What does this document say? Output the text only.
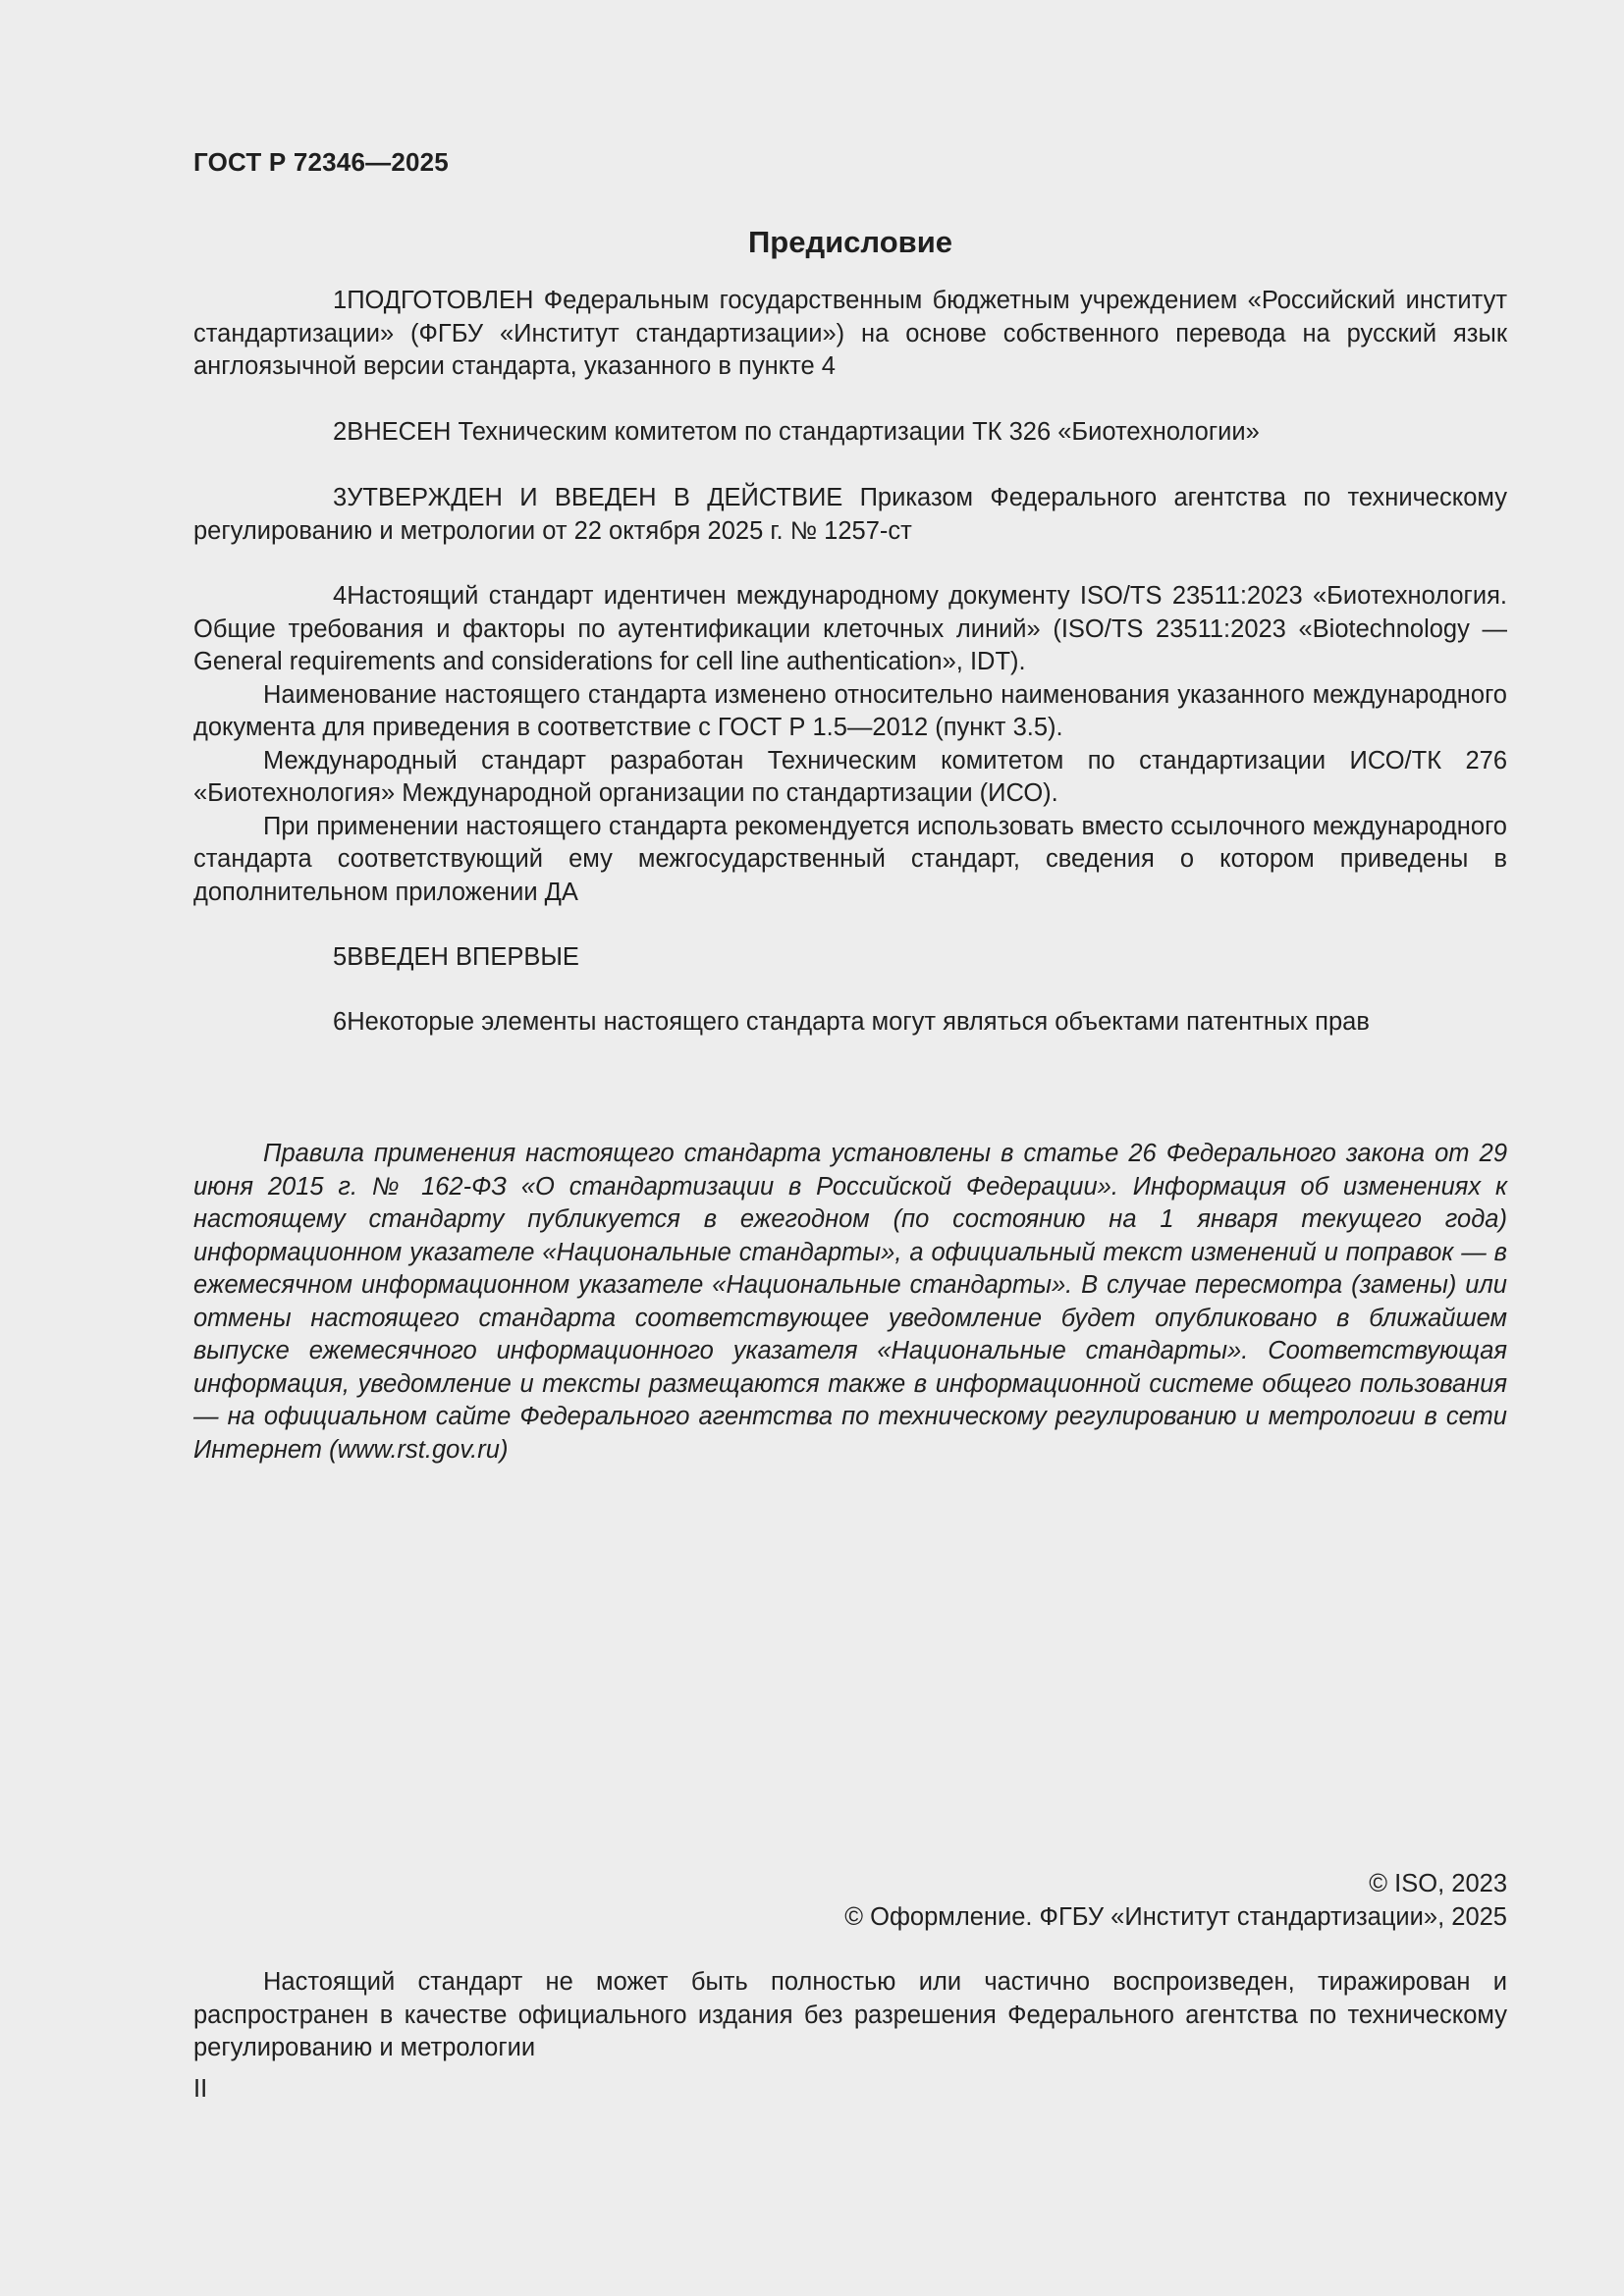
ГОСТ Р 72346—2025
Предисловие

1ПОДГОТОВЛЕН Федеральным государственным бюджетным учреждением «Российский институт стандартизации» (ФГБУ «Институт стандартизации») на основе собственного перевода на русский язык англоязычной версии стандарта, указанного в пункте 4

2ВНЕСЕН Техническим комитетом по стандартизации ТК 326 «Биотехнологии»

3УТВЕРЖДЕН И ВВЕДЕН В ДЕЙСТВИЕ Приказом Федерального агентства по техническому регулированию и метрологии от 22 октября 2025 г. № 1257-ст

4Настоящий стандарт идентичен международному документу ISO/TS 23511:2023 «Биотехнология. Общие требования и факторы по аутентификации клеточных линий» (ISO/TS 23511:2023 «Biotechnology — General requirements and considerations for cell line authentication», IDT).

Наименование настоящего стандарта изменено относительно наименования указанного международного документа для приведения в соответствие с ГОСТ Р 1.5—2012 (пункт 3.5).

Международный стандарт разработан Техническим комитетом по стандартизации ИСО/ТК 276 «Биотехнология» Международной организации по стандартизации (ИСО).

При применении настоящего стандарта рекомендуется использовать вместо ссылочного международного стандарта соответствующий ему межгосударственный стандарт, сведения о котором приведены в дополнительном приложении ДА

5ВВЕДЕН ВПЕРВЫЕ

6Некоторые элементы настоящего стандарта могут являться объектами патентных прав

Правила применения настоящего стандарта установлены в статье 26 Федерального закона от 29 июня 2015 г. № 162-ФЗ «О стандартизации в Российской Федерации». Информация об изменениях к настоящему стандарту публикуется в ежегодном (по состоянию на 1 января текущего года) информационном указателе «Национальные стандарты», а официальный текст изменений и поправок — в ежемесячном информационном указателе «Национальные стандарты». В случае пересмотра (замены) или отмены настоящего стандарта соответствующее уведомление будет опубликовано в ближайшем выпуске ежемесячного информационного указателя «Национальные стандарты». Соответствующая информация, уведомление и тексты размещаются также в информационной системе общего пользования — на официальном сайте Федерального агентства по техническому регулированию и метрологии в сети Интернет (www.rst.gov.ru)

© ISO, 2023
© Оформление. ФГБУ «Институт стандартизации», 2025

Настоящий стандарт не может быть полностью или частично воспроизведен, тиражирован и распространен в качестве официального издания без разрешения Федерального агентства по техническому регулированию и метрологии

II
